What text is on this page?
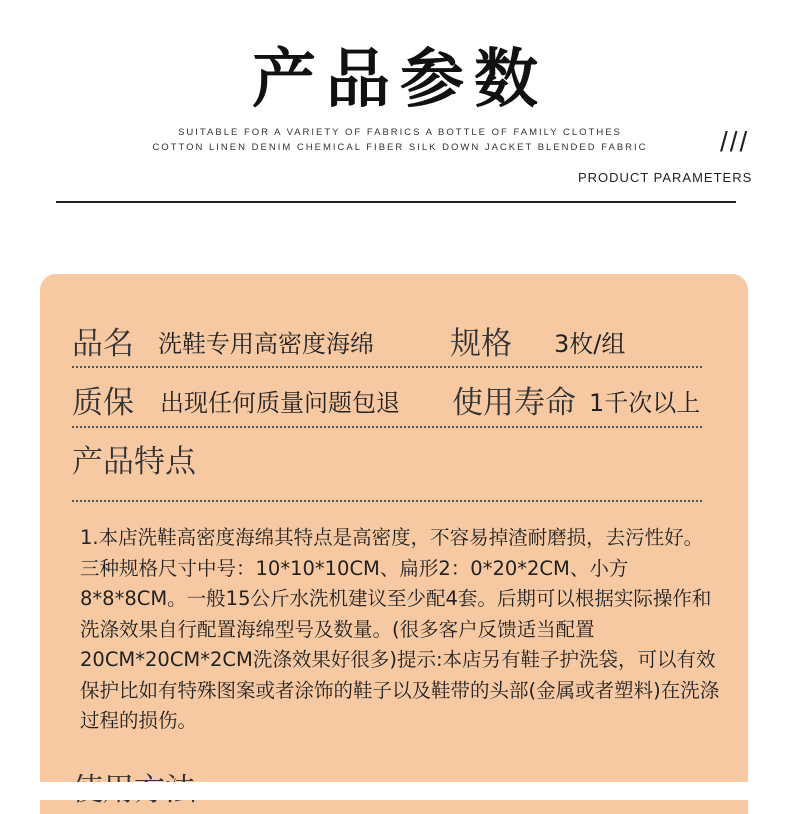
产品参数
SUITABLE FOR A VARIETY OF FABRICS A BOTTLE OF FAMILY CLOTHES
COTTON LINEN DENIM CHEMICAL FIBER SILK DOWN JACKET BLENDED FABRIC	///
PRODUCT PARAMETERS
品名 洗鞋专用高密度海绵 规格 3枚/组
质保 出现任何质量问题包退 使用寿命 1千次以上
产品特点
1.本店洗鞋高密度海绵其特点是高密度，不容易掉渣耐磨损，去污性好。三种规格尺寸中号：10*10*10CM、扁形2：0*20*2CM、小方8*8*8CM。一般15公斤水洗机建议至少配4套。后期可以根据实际操作和洗涤效果自行配置海绵型号及数量。(很多客户反馈适当配置20CM*20CM*2CM洗涤效果好很多)提示:本店另有鞋子护洗袋，可以有效保护比如有特殊图案或者涂饰的鞋子以及鞋带的头部(金属或者塑料)在洗涤过程的损伤。
